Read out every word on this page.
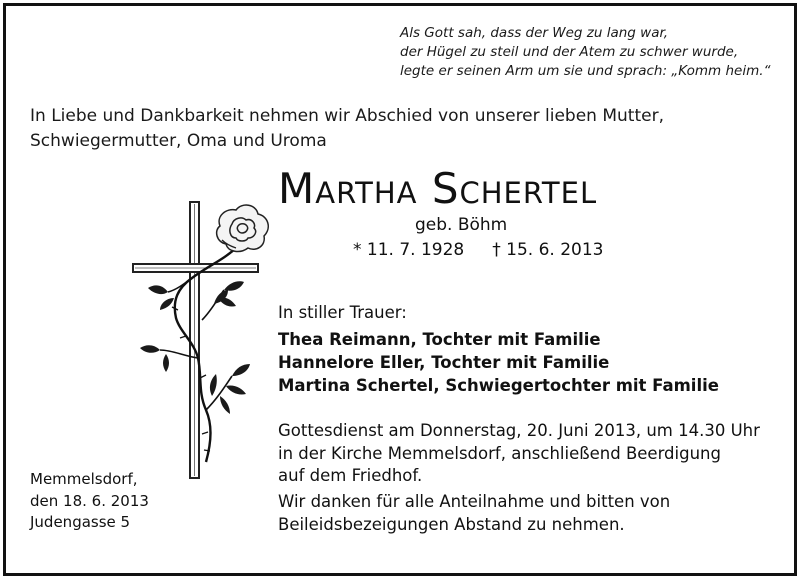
Als Gott sah, dass der Weg zu lang war,
der Hügel zu steil und der Atem zu schwer wurde,
legte er seinen Arm um sie und sprach: „Komm heim.“
In Liebe und Dankbarkeit nehmen wir Abschied von unserer lieben Mutter,
Schwiegermutter, Oma und Uroma
Martha Schertel
geb. Böhm
* 11. 7. 1928 † 15. 6. 2013
In stiller Trauer:
Thea Reimann, Tochter mit Familie
Hannelore Eller, Tochter mit Familie
Martina Schertel, Schwiegertochter mit Familie
Gottesdienst am Donnerstag, 20. Juni 2013, um 14.30 Uhr
in der Kirche Memmelsdorf, anschließend Beerdigung
auf dem Friedhof.
Wir danken für alle Anteilnahme und bitten von
Beileidsbezeigungen Abstand zu nehmen.
Memmelsdorf,
den 18. 6. 2013
Judengasse 5
